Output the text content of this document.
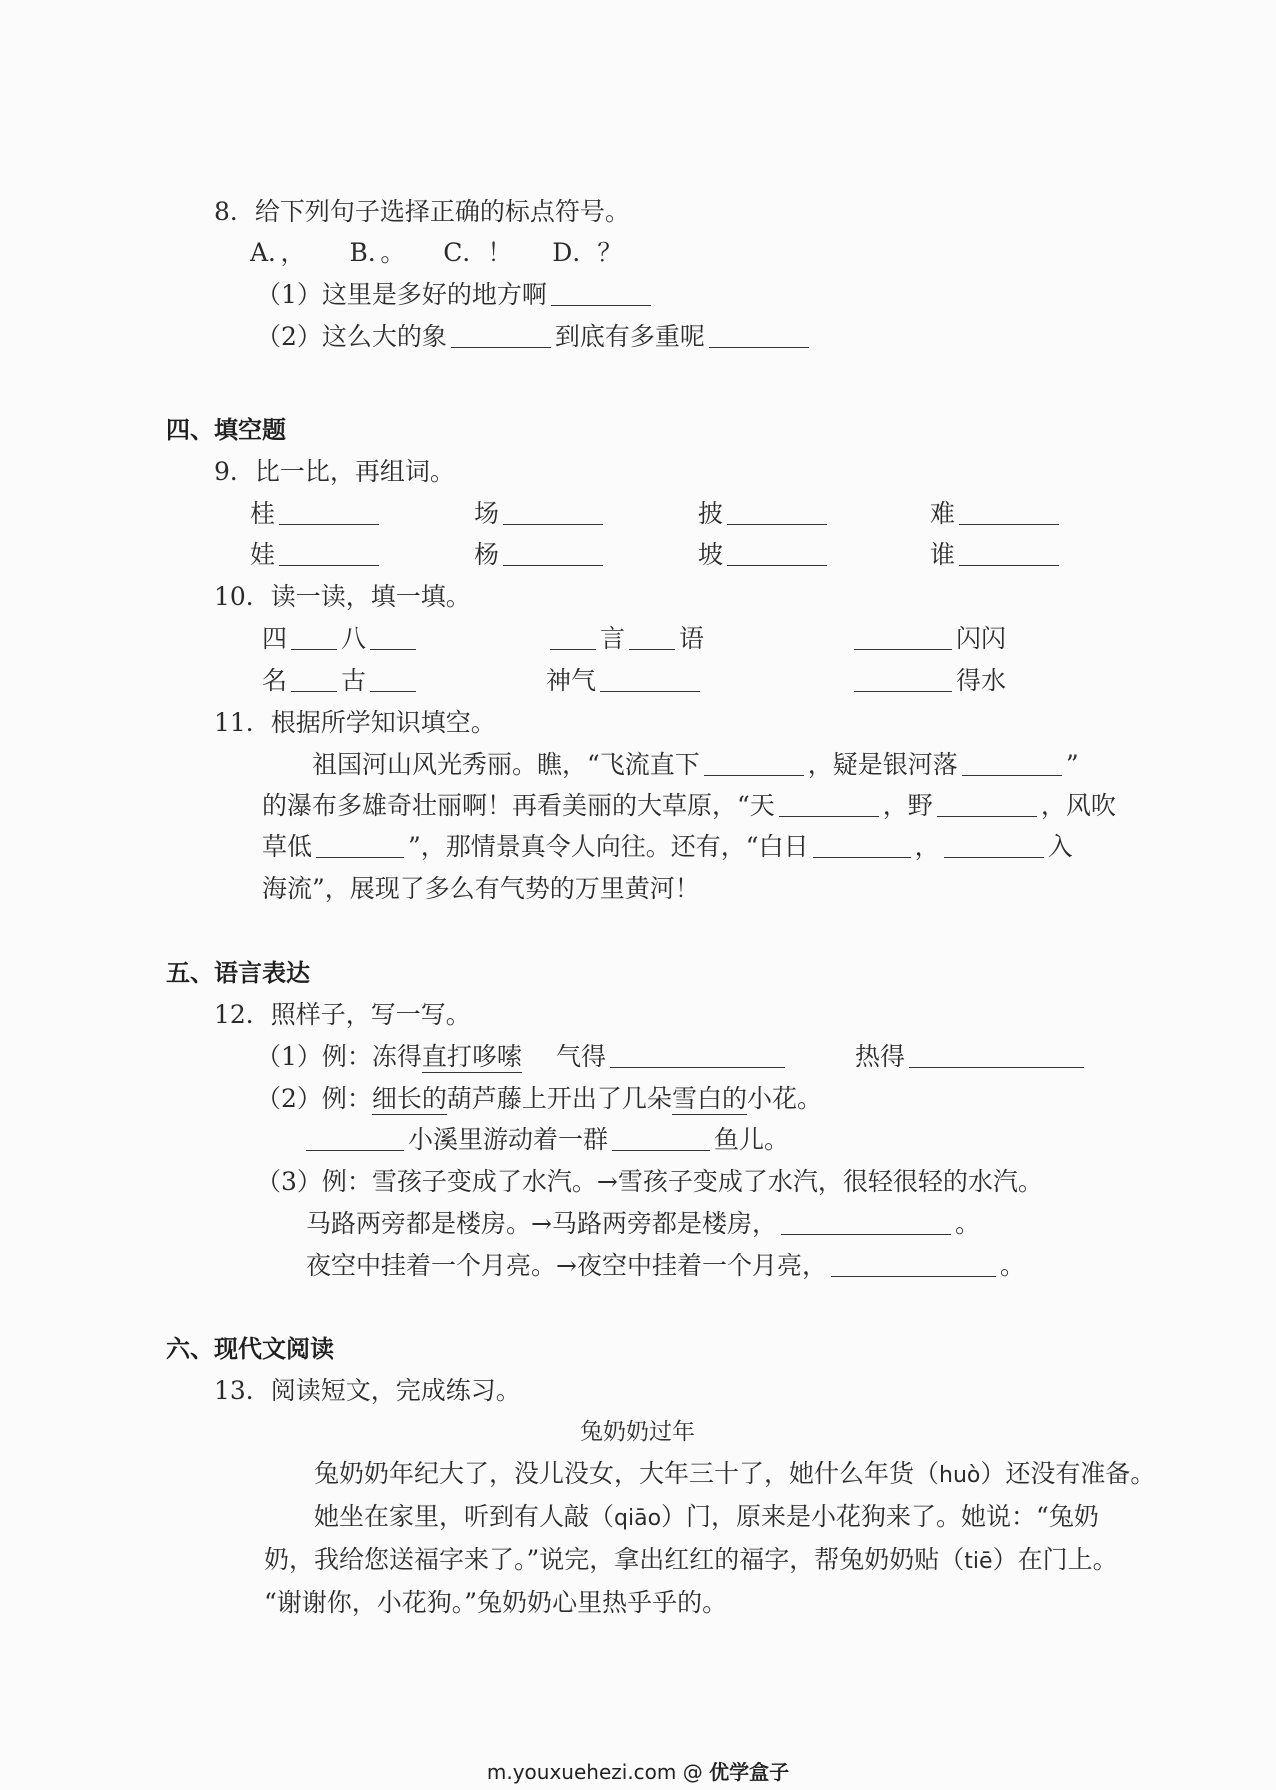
8．给下列句子选择正确的标点符号。
A．， B．。 C．！ D．？
（1）这里是多好的地方啊
（2）这么大的象	到底有多重呢
四、填空题
9．比一比，再组词。
桂	场	披	难
娃	杨	坡	谁
10．读一读，填一填。
四 八	言 语	闪闪
名 古	神气	得水
11．根据所学知识填空。
祖国河山风光秀丽。瞧，“飞流直下	，疑是银河落	”
的瀑布多雄奇壮丽啊！再看美丽的大草原，“天	，野	，风吹
草低	”，那情景真令人向往。还有，“白日	，	入
海流”，展现了多么有气势的万里黄河！
五、语言表达
12．照样子，写一写。
（1）例：冻得直打哆嗦 气得	热得
（2）例：细长的葫芦藤上开出了几朵雪白的小花。
小溪里游动着一群	鱼儿。
（3）例：雪孩子变成了水汽。→雪孩子变成了水汽，很轻很轻的水汽。
马路两旁都是楼房。→马路两旁都是楼房，	。
夜空中挂着一个月亮。→夜空中挂着一个月亮，	。
六、现代文阅读
13．阅读短文，完成练习。
兔奶奶过年
兔奶奶年纪大了，没儿没女，大年三十了，她什么年货（huò）还没有准备。
她坐在家里，听到有人敲（qiāo）门，原来是小花狗来了。她说：“兔奶
奶，我给您送福字来了。”说完，拿出红红的福字，帮兔奶奶贴（tiē）在门上。
“谢谢你，小花狗。”兔奶奶心里热乎乎的。
m.youxuehezi.com @ 优学盒子
